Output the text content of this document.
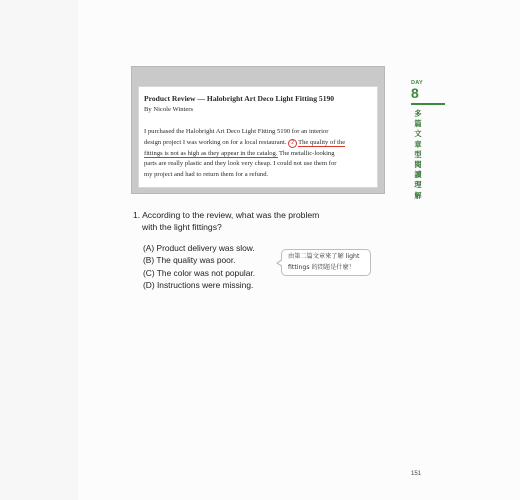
Product Review — Halobright Art Deco Light Fitting 5190
By Nicole Winters
I purchased the Halobright Art Deco Light Fitting 5190 for an interior
design project I was working on for a local restaurant. 2 The quality of the
fittings is not as high as they appear in the catalog. The metallic-looking
parts are really plastic and they look very cheap. I could not use them for
my project and had to return them for a refund.
DAY
8
多
篇
文
章
型
閱
讀
理
解
1. According to the review, what was the problem
with the light fittings?
(A) Product delivery was slow.
(B) The quality was poor.
(C) The color was not popular.
(D) Instructions were missing.
由第二篇文章來了解 light
fittings 的問題是什麼！
151
